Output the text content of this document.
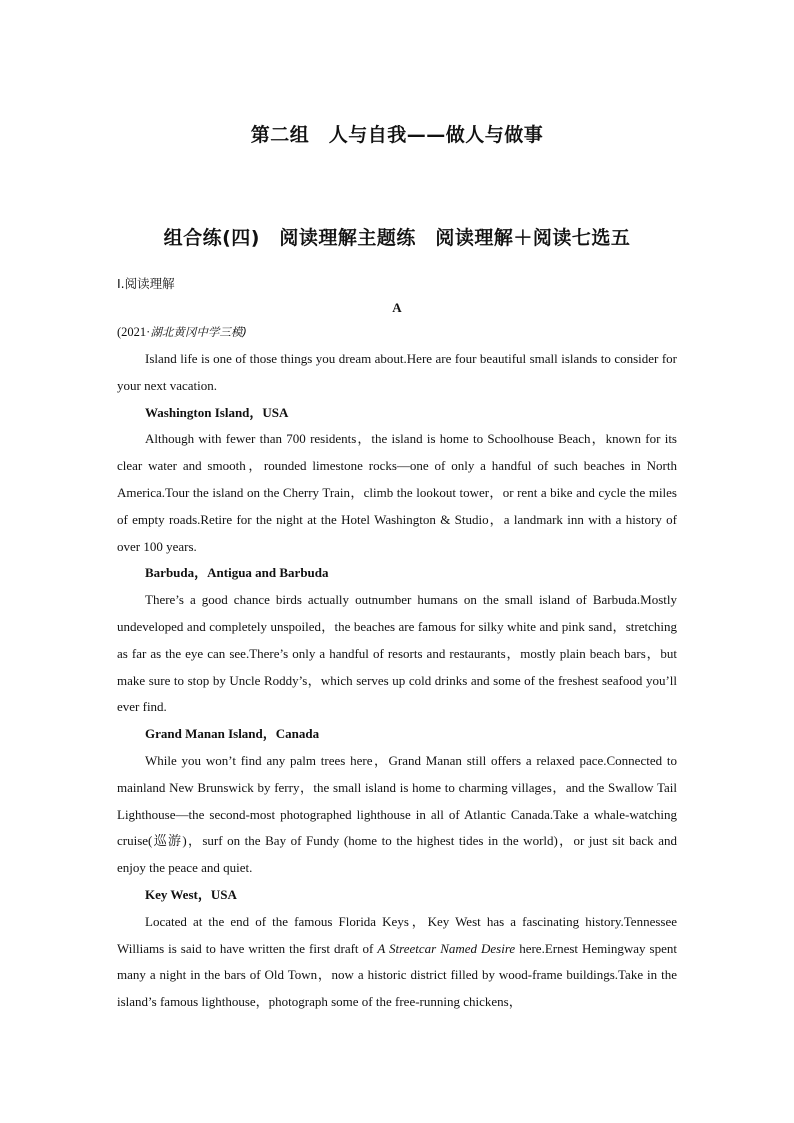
第二组　人与自我——做人与做事
组合练(四)　阅读理解主题练　阅读理解＋阅读七选五
Ⅰ.阅读理解
A
(2021·湖北黄冈中学三模)

Island life is one of those things you dream about.Here are four beautiful small islands to consider for your next vacation.

Washington Island，USA

Although with fewer than 700 residents，the island is home to Schoolhouse Beach，known for its clear water and smooth，rounded limestone rocks—one of only a handful of such beaches in North America.Tour the island on the Cherry Train，climb the lookout tower，or rent a bike and cycle the miles of empty roads.Retire for the night at the Hotel Washington & Studio，a landmark inn with a history of over 100 years.

Barbuda，Antigua and Barbuda

There’s a good chance birds actually outnumber humans on the small island of Barbuda.Mostly undeveloped and completely unspoiled，the beaches are famous for silky white and pink sand，stretching as far as the eye can see.There’s only a handful of resorts and restaurants，mostly plain beach bars，but make sure to stop by Uncle Roddy’s，which serves up cold drinks and some of the freshest seafood you’ll ever find.

Grand Manan Island，Canada

While you won’t find any palm trees here，Grand Manan still offers a relaxed pace.Connected to mainland New Brunswick by ferry，the small island is home to charming villages，and the Swallow Tail Lighthouse—the second-most photographed lighthouse in all of Atlantic Canada.Take a whale-watching cruise(巡游)，surf on the Bay of Fundy (home to the highest tides in the world)，or just sit back and enjoy the peace and quiet.

Key West，USA

Located at the end of the famous Florida Keys，Key West has a fascinating history.Tennessee Williams is said to have written the first draft of A Streetcar Named Desire here.Ernest Hemingway spent many a night in the bars of Old Town，now a historic district filled by wood-frame buildings.Take in the island’s famous lighthouse，photograph some of the free-running chickens，
